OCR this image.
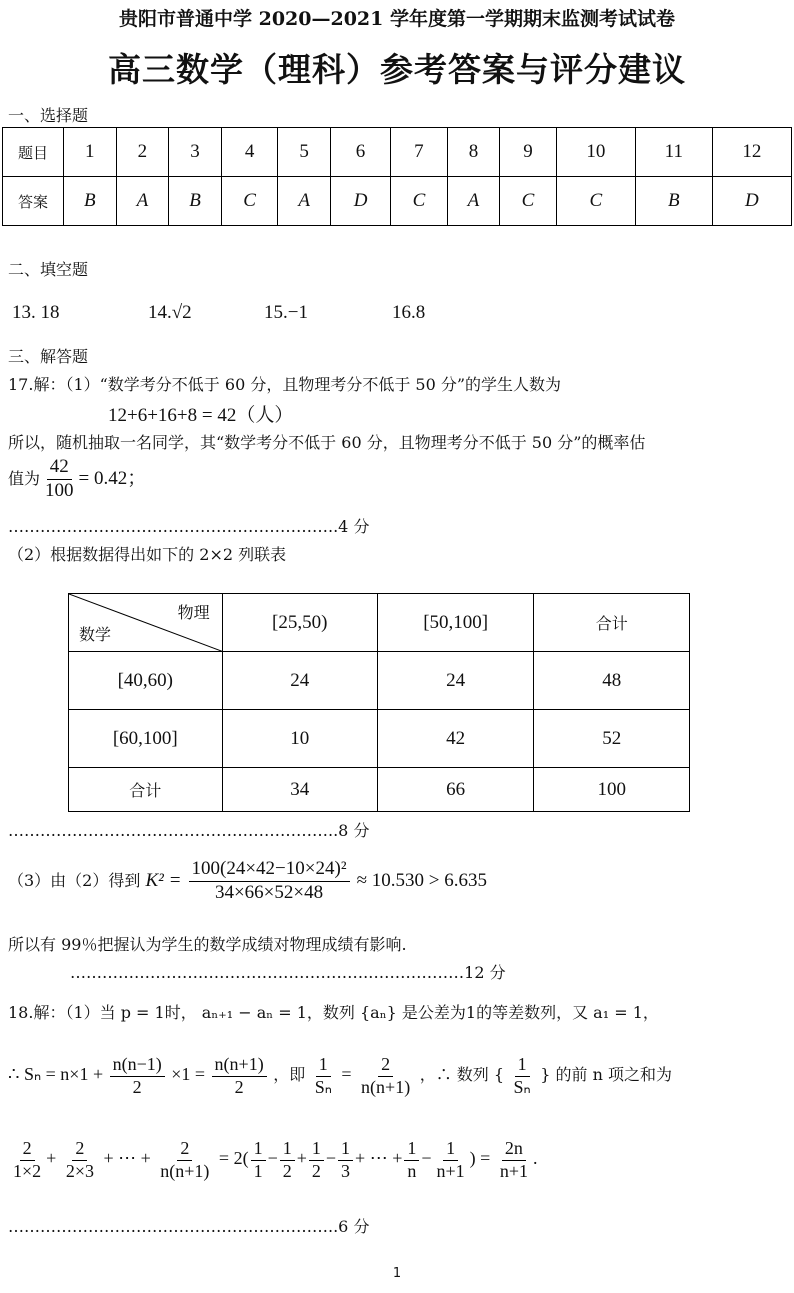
贵阳市普通中学 2020—2021 学年度第一学期期末监测考试试卷
高三数学（理科）参考答案与评分建议
一、选择题
题目	1	2	3	4	5	6	7	8	9	10	11	12
答案	B	A	B	C	A	D	C	A	C	C	B	D
二、填空题
13. 18	14.√2	15.−1	16.8
三、解答题
17.解：（1）“数学考分不低于 60 分，且物理考分不低于 50 分”的学生人数为
12+6+16+8 = 42（人）
所以，随机抽取一名同学，其“数学考分不低于 60 分，且物理考分不低于 50 分”的概率估
值为 $\frac{42}{100} = 0.42$；
……………………………………………………..4 分
（2）根据数据得出如下的 2×2 列联表
物理
数学	[25,50)	[50,100]	合计
[40,60)	24	24	48
[60,100]	10	42	52
合计	34	66	100
……………………………………………………..8 分
（3）由（2）得到 $K^2 = \frac{\text{100(24×42−10×24)²}}{34\times 66\times 52\times 48} \approx 10.530 > 6.635$
所以有 99％把握认为学生的数学成绩对物理成绩有影响.
…………………….………………………….………………12 分
18.解：（1）当 p = 1时， aₙ₊₁ − aₙ = 1，数列 {aₙ} 是公差为1的等差数列，又 a₁ = 1，
∴ $S_n = n\times 1 + \frac{n(n-1)}{2} \times 1 = \frac{n(n+1)}{2}$ ，即 $\frac{1}{\text{Sₙ}} = \frac{2}{n(n+1)}$ ，∴ 数列 { $\frac{1}{\text{Sₙ}}$ } 的前 n 项之和为
$\frac{2}{1\times 2} + \frac{2}{2\times 3}$ + ⋯ + $\frac{2}{n(n+1)} = 2( \frac{1}{1} - \frac{1}{2} + \frac{1}{2} - \frac{1}{3}$ + ⋯ + $\frac{1}{n} - \frac{1}{n+1}$ ) = $\frac{2n}{n+1}$ .
……………………………………………………..6 分
1
